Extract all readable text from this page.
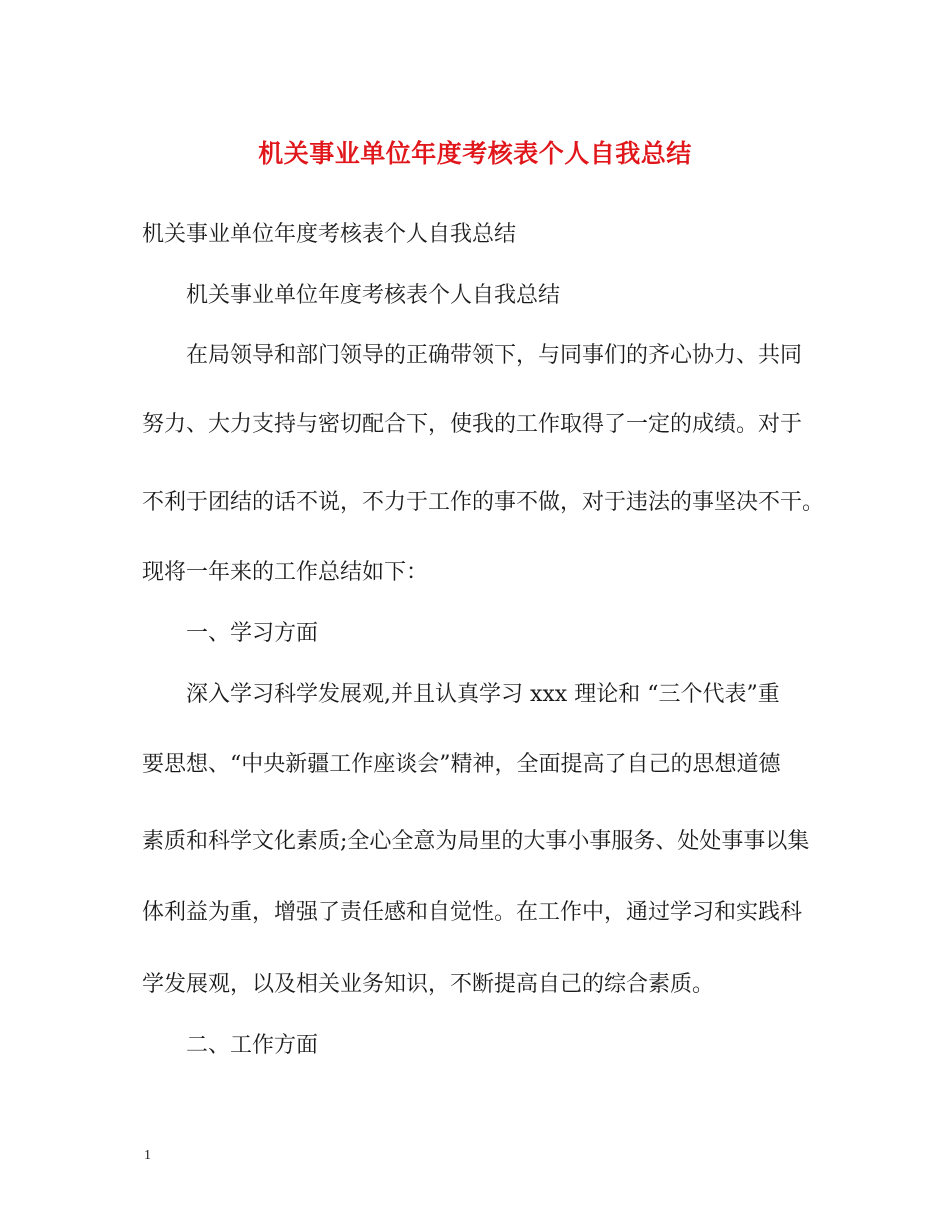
机关事业单位年度考核表个人自我总结

机关事业单位年度考核表个人自我总结

机关事业单位年度考核表个人自我总结

在局领导和部门领导的正确带领下，与同事们的齐心协力、共同

努力、大力支持与密切配合下，使我的工作取得了一定的成绩。对于

不利于团结的话不说，不力于工作的事不做，对于违法的事坚决不干。

现将一年来的工作总结如下：

一、学习方面

深入学习科学发展观,并且认真学习 xxx 理论和 “三个代表”重

要思想、“中央新疆工作座谈会”精神，全面提高了自己的思想道德

素质和科学文化素质;全心全意为局里的大事小事服务、处处事事以集

体利益为重，增强了责任感和自觉性。在工作中，通过学习和实践科

学发展观，以及相关业务知识，不断提高自己的综合素质。

二、工作方面

1
